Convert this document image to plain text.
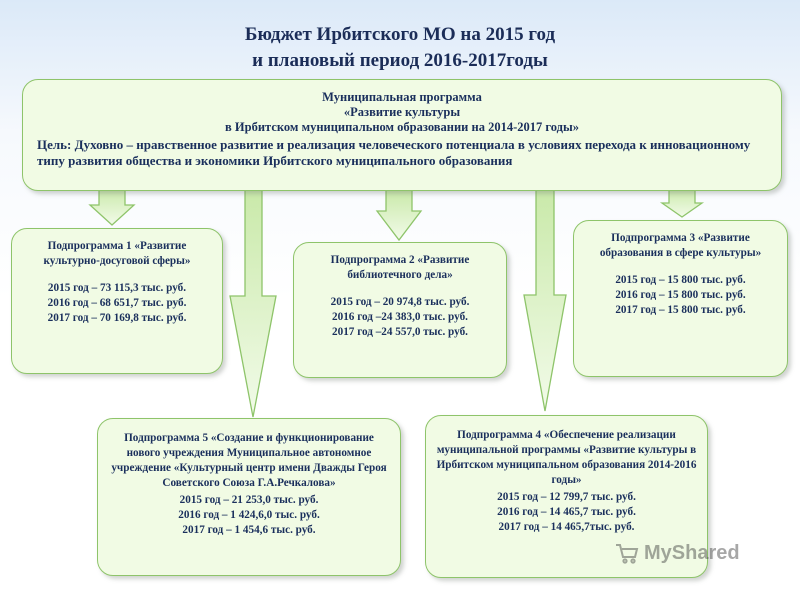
Бюджет Ирбитского МО на 2015 год
и плановый период 2016-2017годы

Муниципальная программа

«Развитие культуры

в Ирбитском муниципальном образовании на 2014-2017 годы»

Цель: Духовно – нравственное развитие и реализация человеческого потенциала в условиях перехода к инновационному типу развития общества и экономики Ирбитского муниципального образования

Подпрограмма 1 «Развитие культурно-досуговой сферы»

2015 год – 73 115,3 тыс. руб.

2016 год – 68 651,7 тыс. руб.

2017 год – 70 169,8 тыс. руб.

Подпрограмма 2 «Развитие библиотечного дела»

2015 год – 20 974,8 тыс. руб.

2016 год –24 383,0 тыс. руб.

2017 год –24 557,0 тыс. руб.

Подпрограмма 3 «Развитие образования в сфере культуры»

2015 год – 15 800 тыс. руб.

2016 год – 15 800 тыс. руб.

2017 год – 15 800 тыс. руб.

Подпрограмма 4 «Обеспечение реализации муниципальной программы «Развитие культуры в Ирбитском муниципальном образования 2014-2016 годы»

2015 год – 12 799,7 тыс. руб.

2016 год – 14 465,7 тыс. руб.

2017 год – 14 465,7тыс. руб.

Подпрограмма 5 «Создание и функционирование нового учреждения Муниципальное автономное учреждение «Культурный центр имени Дважды Героя Советского Союза Г.А.Речкалова»

2015 год – 21 253,0 тыс. руб.

2016 год – 1 424,6,0 тыс. руб.

2017 год – 1 454,6 тыс. руб.

MyShared
